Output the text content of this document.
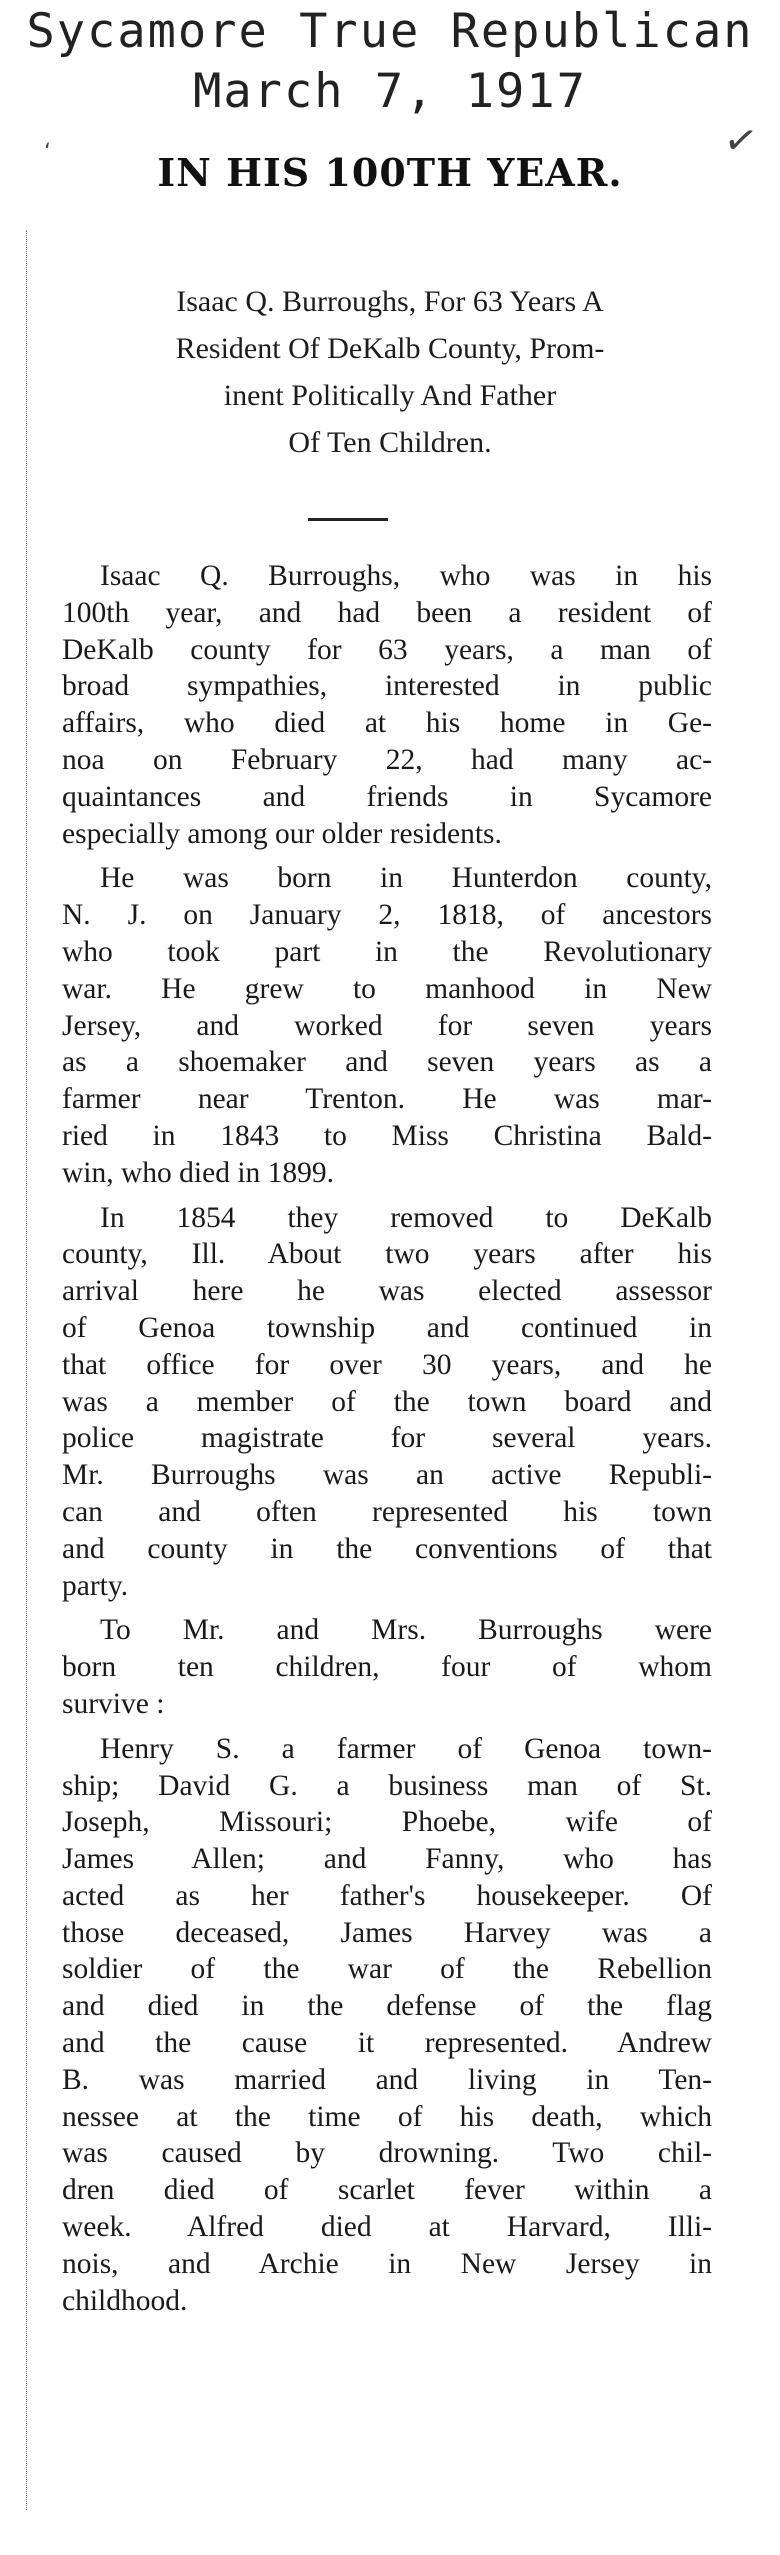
Sycamore True Republican
March 7, 1917
✓
‘	IN HIS 100TH YEAR.
Isaac Q. Burroughs, For 63 Years A
Resident Of DeKalb County, Prom-
inent Politically And Father
Of Ten Children.
Isaac Q. Burroughs, who was in his
100th year, and had been a resident of
DeKalb county for 63 years, a man of
broad sympathies, interested in public
affairs, who died at his home in Ge-
noa on February 22, had many ac-
quaintances and friends in Sycamore
especially among our older residents.
He was born in Hunterdon county,
N. J. on January 2, 1818, of ancestors
who took part in the Revolutionary
war. He grew to manhood in New
Jersey, and worked for seven years
as a shoemaker and seven years as a
farmer near Trenton. He was mar-
ried in 1843 to Miss Christina Bald-
win, who died in 1899.
In 1854 they removed to DeKalb
county, Ill. About two years after his
arrival here he was elected assessor
of Genoa township and continued in
that office for over 30 years, and he
was a member of the town board and
police magistrate for several years.
Mr. Burroughs was an active Republi-
can and often represented his town
and county in the conventions of that
party.
To Mr. and Mrs. Burroughs were
born ten children, four of whom
survive :
Henry S. a farmer of Genoa town-
ship; David G. a business man of St.
Joseph, Missouri; Phoebe, wife of
James Allen; and Fanny, who has
acted as her father's housekeeper. Of
those deceased, James Harvey was a
soldier of the war of the Rebellion
and died in the defense of the flag
and the cause it represented. Andrew
B. was married and living in Ten-
nessee at the time of his death, which
was caused by drowning. Two chil-
dren died of scarlet fever within a
week. Alfred died at Harvard, Illi-
nois, and Archie in New Jersey in
childhood.
